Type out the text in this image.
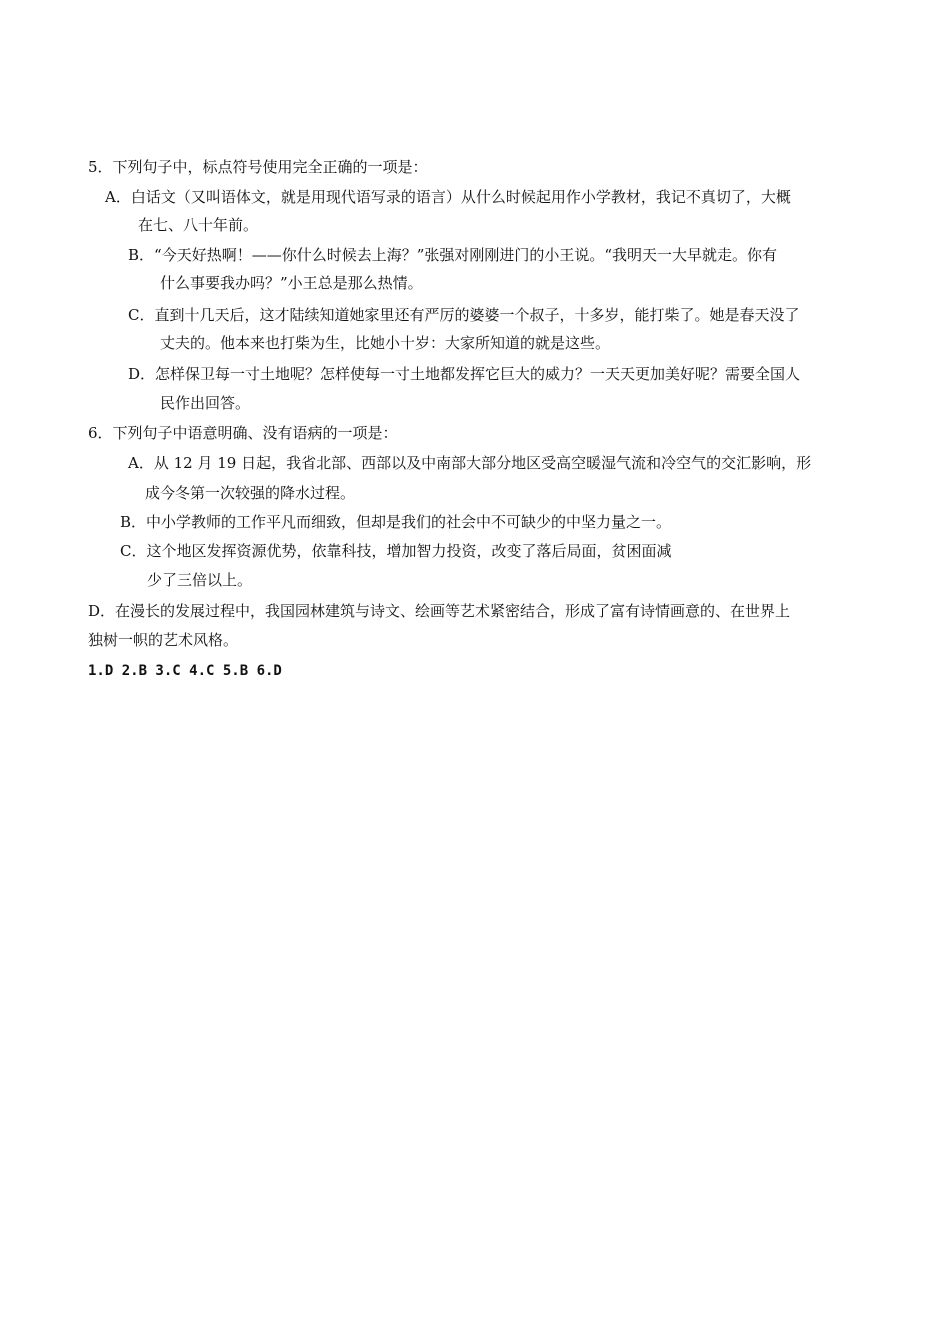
5．下列句子中，标点符号使用完全正确的一项是：
A．白话文（又叫语体文，就是用现代语写录的语言）从什么时候起用作小学教材，我记不真切了，大概
在七、八十年前。
B．“今天好热啊！——你什么时候去上海？”张强对刚刚进门的小王说。“我明天一大早就走。你有
什么事要我办吗？”小王总是那么热情。
C．直到十几天后，这才陆续知道她家里还有严厉的婆婆一个叔子，十多岁，能打柴了。她是春天没了
丈夫的。他本来也打柴为生，比她小十岁：大家所知道的就是这些。
D．怎样保卫每一寸土地呢？怎样使每一寸土地都发挥它巨大的威力？一天天更加美好呢？需要全国人
民作出回答。
6．下列句子中语意明确、没有语病的一项是：
A．从 12 月 19 日起，我省北部、西部以及中南部大部分地区受高空暖湿气流和冷空气的交汇影响，形
成今冬第一次较强的降水过程。
B．中小学教师的工作平凡而细致，但却是我们的社会中不可缺少的中坚力量之一。
C．这个地区发挥资源优势，依靠科技，增加智力投资，改变了落后局面，贫困面减
少了三倍以上。
D．在漫长的发展过程中，我国园林建筑与诗文、绘画等艺术紧密结合，形成了富有诗情画意的、在世界上
独树一帜的艺术风格。
1.D 2.B 3.C 4.C 5.B 6.D
